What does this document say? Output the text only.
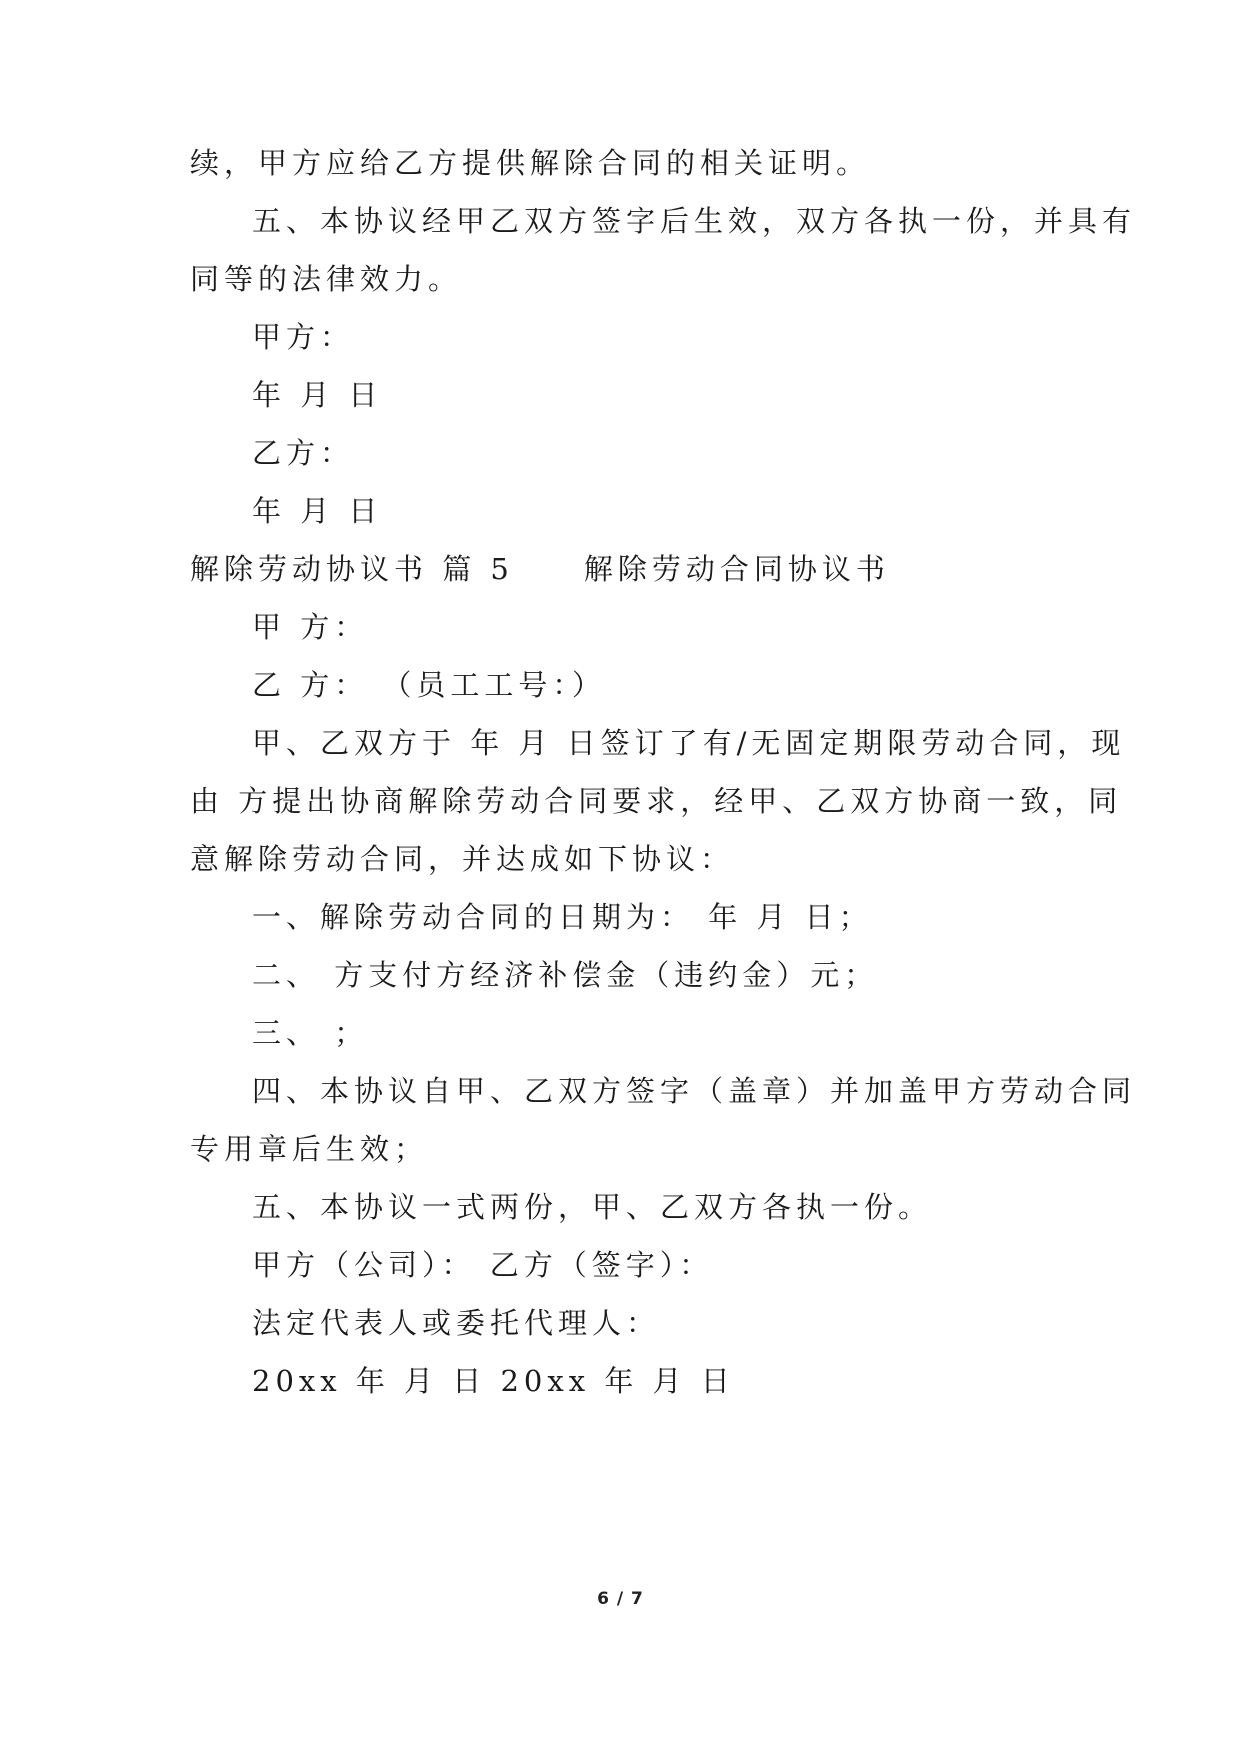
续，甲方应给乙方提供解除合同的相关证明。
五、本协议经甲乙双方签字后生效，双方各执一份，并具有
同等的法律效力。
甲方：
年 月 日
乙方：
年 月 日
解除劳动协议书 篇 5 解除劳动合同协议书
甲 方：
乙 方： （员工工号：）
甲、乙双方于 年 月 日签订了有/无固定期限劳动合同，现
由 方提出协商解除劳动合同要求，经甲、乙双方协商一致，同
意解除劳动合同，并达成如下协议：
一、解除劳动合同的日期为： 年 月 日；
二、 方支付方经济补偿金（违约金）元；
三、 ；
四、本协议自甲、乙双方签字（盖章）并加盖甲方劳动合同
专用章后生效；
五、本协议一式两份，甲、乙双方各执一份。
甲方（公司）： 乙方（签字）：
法定代表人或委托代理人：
20xx 年 月 日 20xx 年 月 日
6 / 7
